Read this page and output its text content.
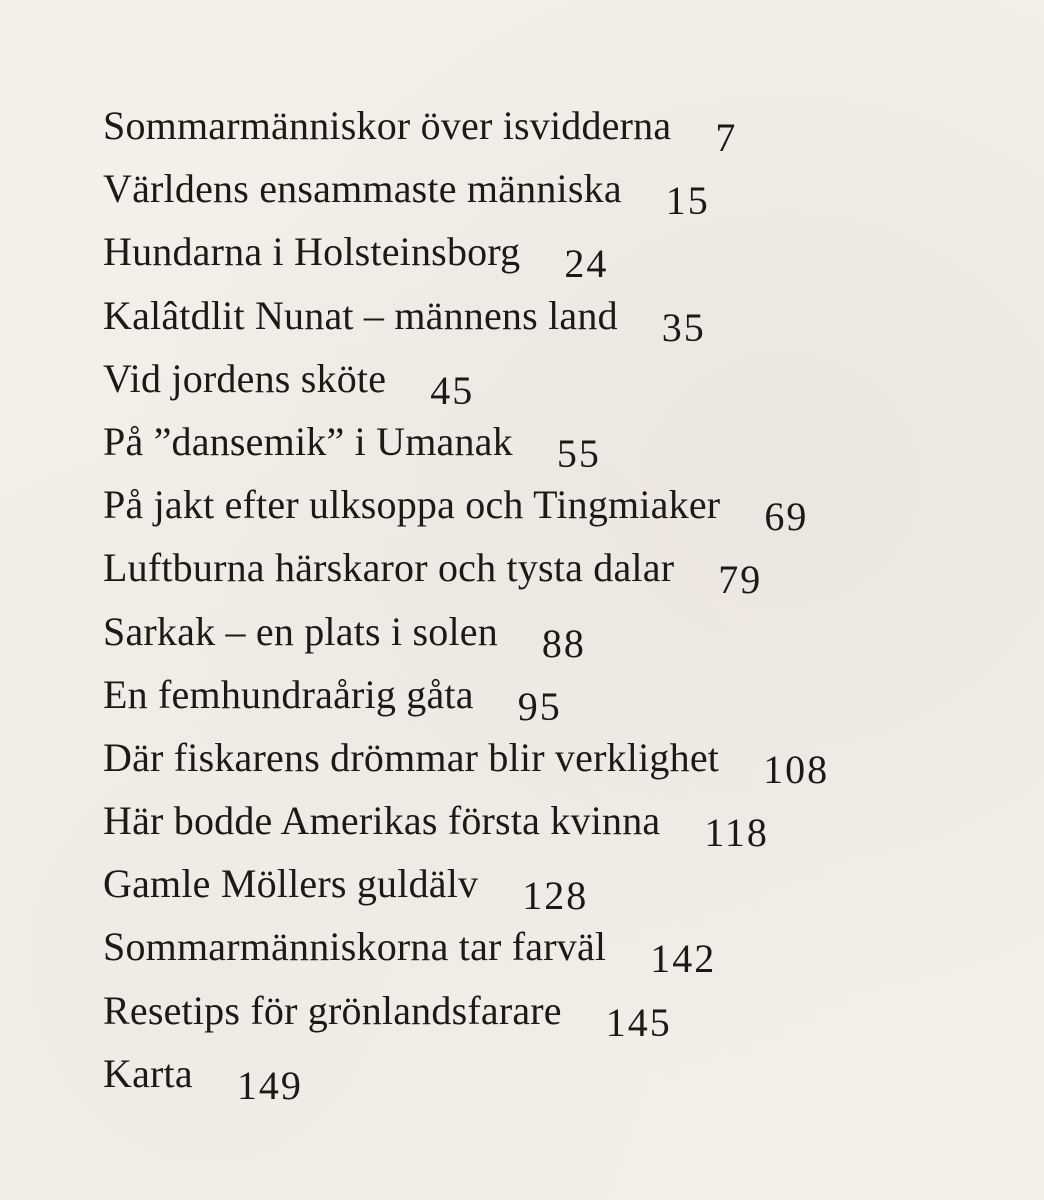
Sommarmänniskor över isvidderna 7
Världens ensammaste människa 15
Hundarna i Holsteinsborg 24
Kalâtdlit Nunat – männens land 35
Vid jordens sköte 45
På ”dansemik” i Umanak 55
På jakt efter ulksoppa och Tingmiaker 69
Luftburna härskaror och tysta dalar 79
Sarkak – en plats i solen 88
En femhundraårig gåta 95
Där fiskarens drömmar blir verklighet 108
Här bodde Amerikas första kvinna 118
Gamle Möllers guldälv 128
Sommarmänniskorna tar farväl 142
Resetips för grönlandsfarare 145
Karta 149
